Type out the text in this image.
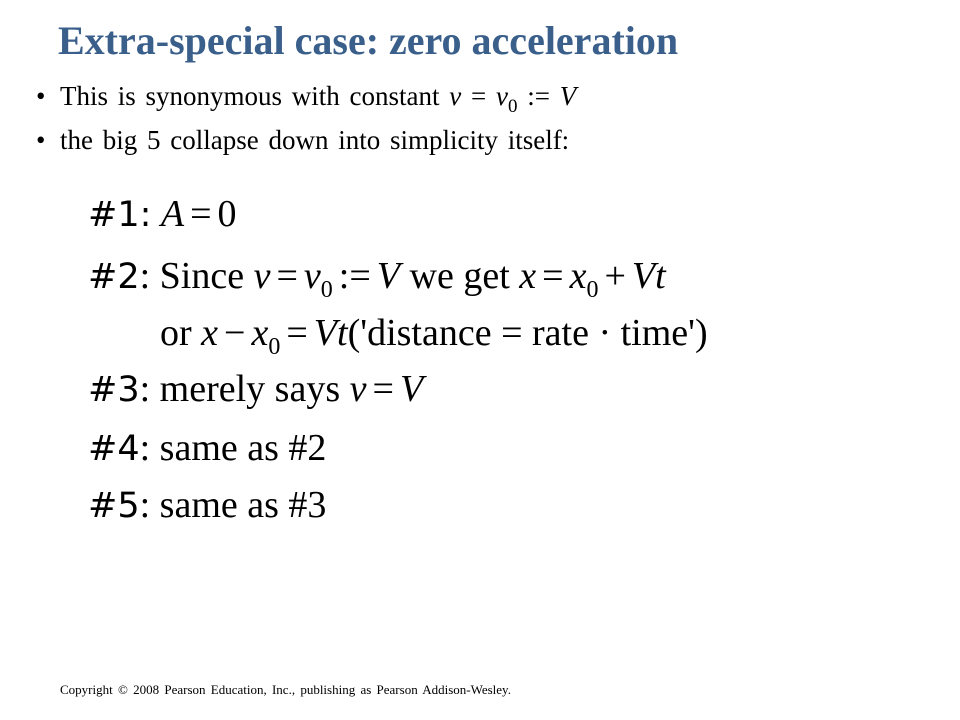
Extra-special case: zero acceleration
• This is synonymous with constant $v = v_0$ := V
• the big 5 collapse down into simplicity itself:
#1: A = 0
#2: Since $v = v_0$ := V we get $x = x_0 + Vt$
or $x - x_0$ = Vt('distance = rate · time')
#3: merely says v = V
#4: same as #2
#5: same as #3
Copyright © 2008 Pearson Education, Inc., publishing as Pearson Addison-Wesley.
